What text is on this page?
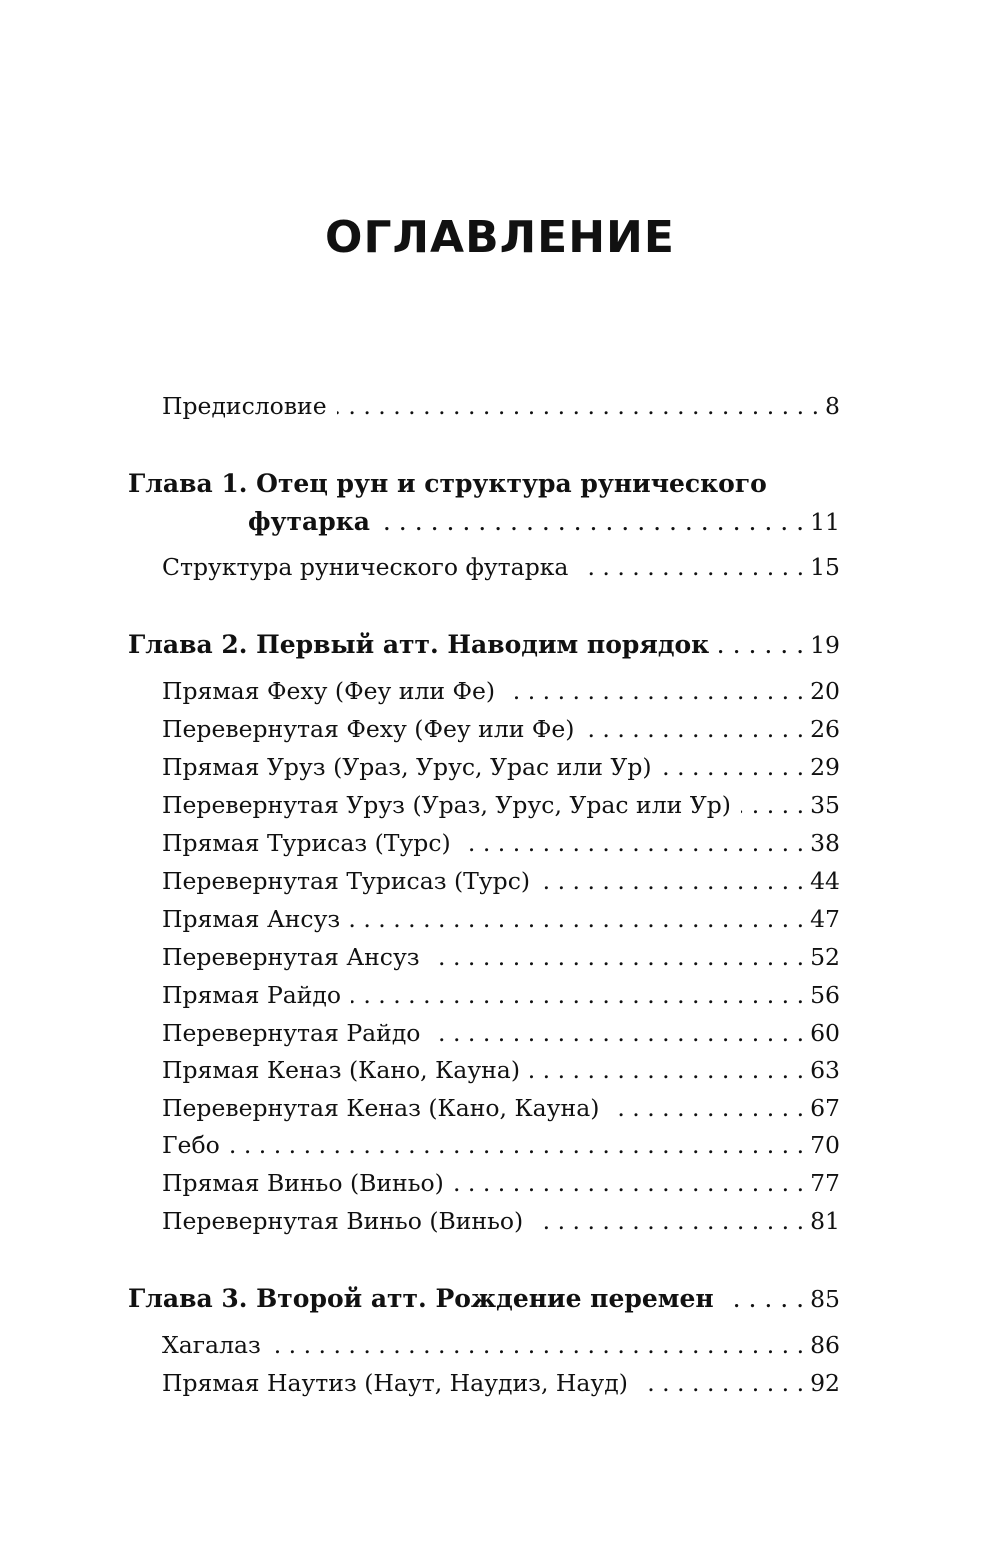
ОГЛАВЛЕНИЕ
Предисловие . . .	8
Глава 1. Отец рун и структура рунического
футарка . . .	11
Структура рунического футарка . . .	15
Глава 2. Первый атт. Наводим порядок . . .	19
Прямая Феху (Феу или Фе) . . .	20
Перевернутая Феху (Феу или Фе) . . .	26
Прямая Уруз (Ураз, Урус, Урас или Ур) . . .	29
Перевернутая Уруз (Ураз, Урус, Урас или Ур) . . .	35
Прямая Турисаз (Турс) . . .	38
Перевернутая Турисаз (Турс) . . .	44
Прямая Ансуз . . .	47
Перевернутая Ансуз . . .	52
Прямая Райдо . . .	56
Перевернутая Райдо . . .	60
Прямая Кеназ (Кано, Кауна) . . .	63
Перевернутая Кеназ (Кано, Кауна) . . .	67
Гебо . . .	70
Прямая Виньо (Виньо) . . .	77
Перевернутая Виньо (Виньо) . . .	81
Глава 3. Второй атт. Рождение перемен . . .	85
Хагалаз . . .	86
Прямая Наутиз (Наут, Наудиз, Науд) . . .	92
